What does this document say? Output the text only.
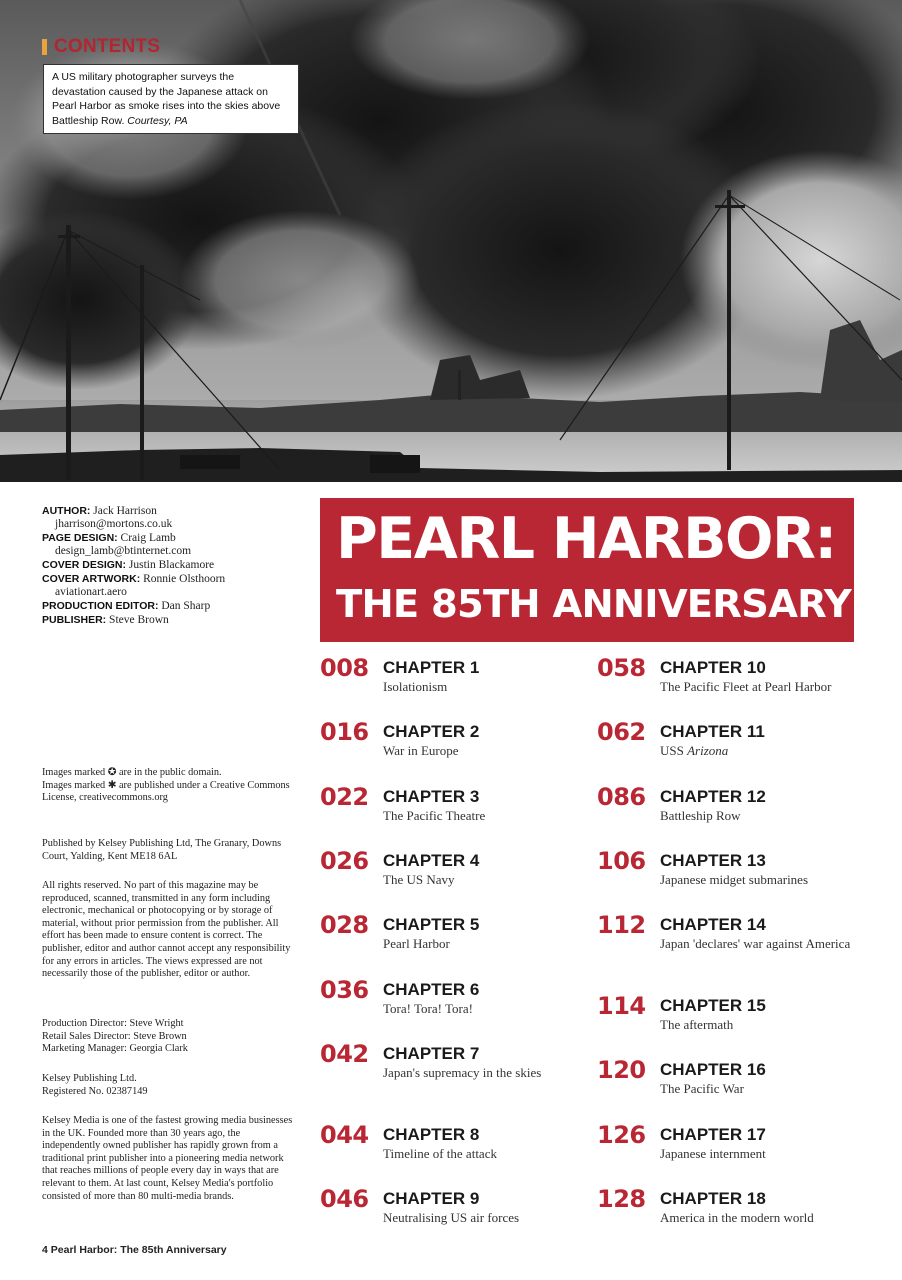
CONTENTS
A US military photographer surveys the devastation caused by the Japanese attack on Pearl Harbor as smoke rises into the skies above Battleship Row. Courtesy, PA
AUTHOR: Jack Harrison
jharrison@mortons.co.uk
PAGE DESIGN: Craig Lamb
design_lamb@btinternet.com
COVER DESIGN: Justin Blackamore
COVER ARTWORK: Ronnie Olsthoorn
aviationart.aero
PRODUCTION EDITOR: Dan Sharp
PUBLISHER: Steve Brown
Images marked ✪ are in the public domain.
Images marked ✱ are published under a Creative Commons License, creativecommons.org
Published by Kelsey Publishing Ltd, The Granary, Downs Court, Yalding, Kent ME18 6AL
All rights reserved. No part of this magazine may be reproduced, scanned, transmitted in any form including electronic, mechanical or photocopying or by storage of material, without prior permission from the publisher. All effort has been made to ensure content is correct. The publisher, editor and author cannot accept any responsibility for any errors in articles. The views expressed are not necessarily those of the publisher, editor or author.
Production Director: Steve Wright
Retail Sales Director: Steve Brown
Marketing Manager: Georgia Clark
Kelsey Publishing Ltd.
Registered No. 02387149
Kelsey Media is one of the fastest growing media businesses in the UK. Founded more than 30 years ago, the independently owned publisher has rapidly grown from a traditional print publisher into a pioneering media network that reaches millions of people every day in ways that are relevant to them. At last count, Kelsey Media's portfolio consisted of more than 80 multi-media brands.
PEARL HARBOR:
THE 85TH ANNIVERSARY
008 CHAPTER 1
Isolationism
016 CHAPTER 2
War in Europe
022 CHAPTER 3
The Pacific Theatre
026 CHAPTER 4
The US Navy
028 CHAPTER 5
Pearl Harbor
036 CHAPTER 6
Tora! Tora! Tora!
042 CHAPTER 7
Japan's supremacy in the skies
044 CHAPTER 8
Timeline of the attack
046 CHAPTER 9
Neutralising US air forces
058 CHAPTER 10
The Pacific Fleet at Pearl Harbor
062 CHAPTER 11
USS Arizona
086 CHAPTER 12
Battleship Row
106 CHAPTER 13
Japanese midget submarines
112 CHAPTER 14
Japan 'declares' war against America
114 CHAPTER 15
The aftermath
120 CHAPTER 16
The Pacific War
126 CHAPTER 17
Japanese internment
128 CHAPTER 18
America in the modern world
4 Pearl Harbor: The 85th Anniversary
